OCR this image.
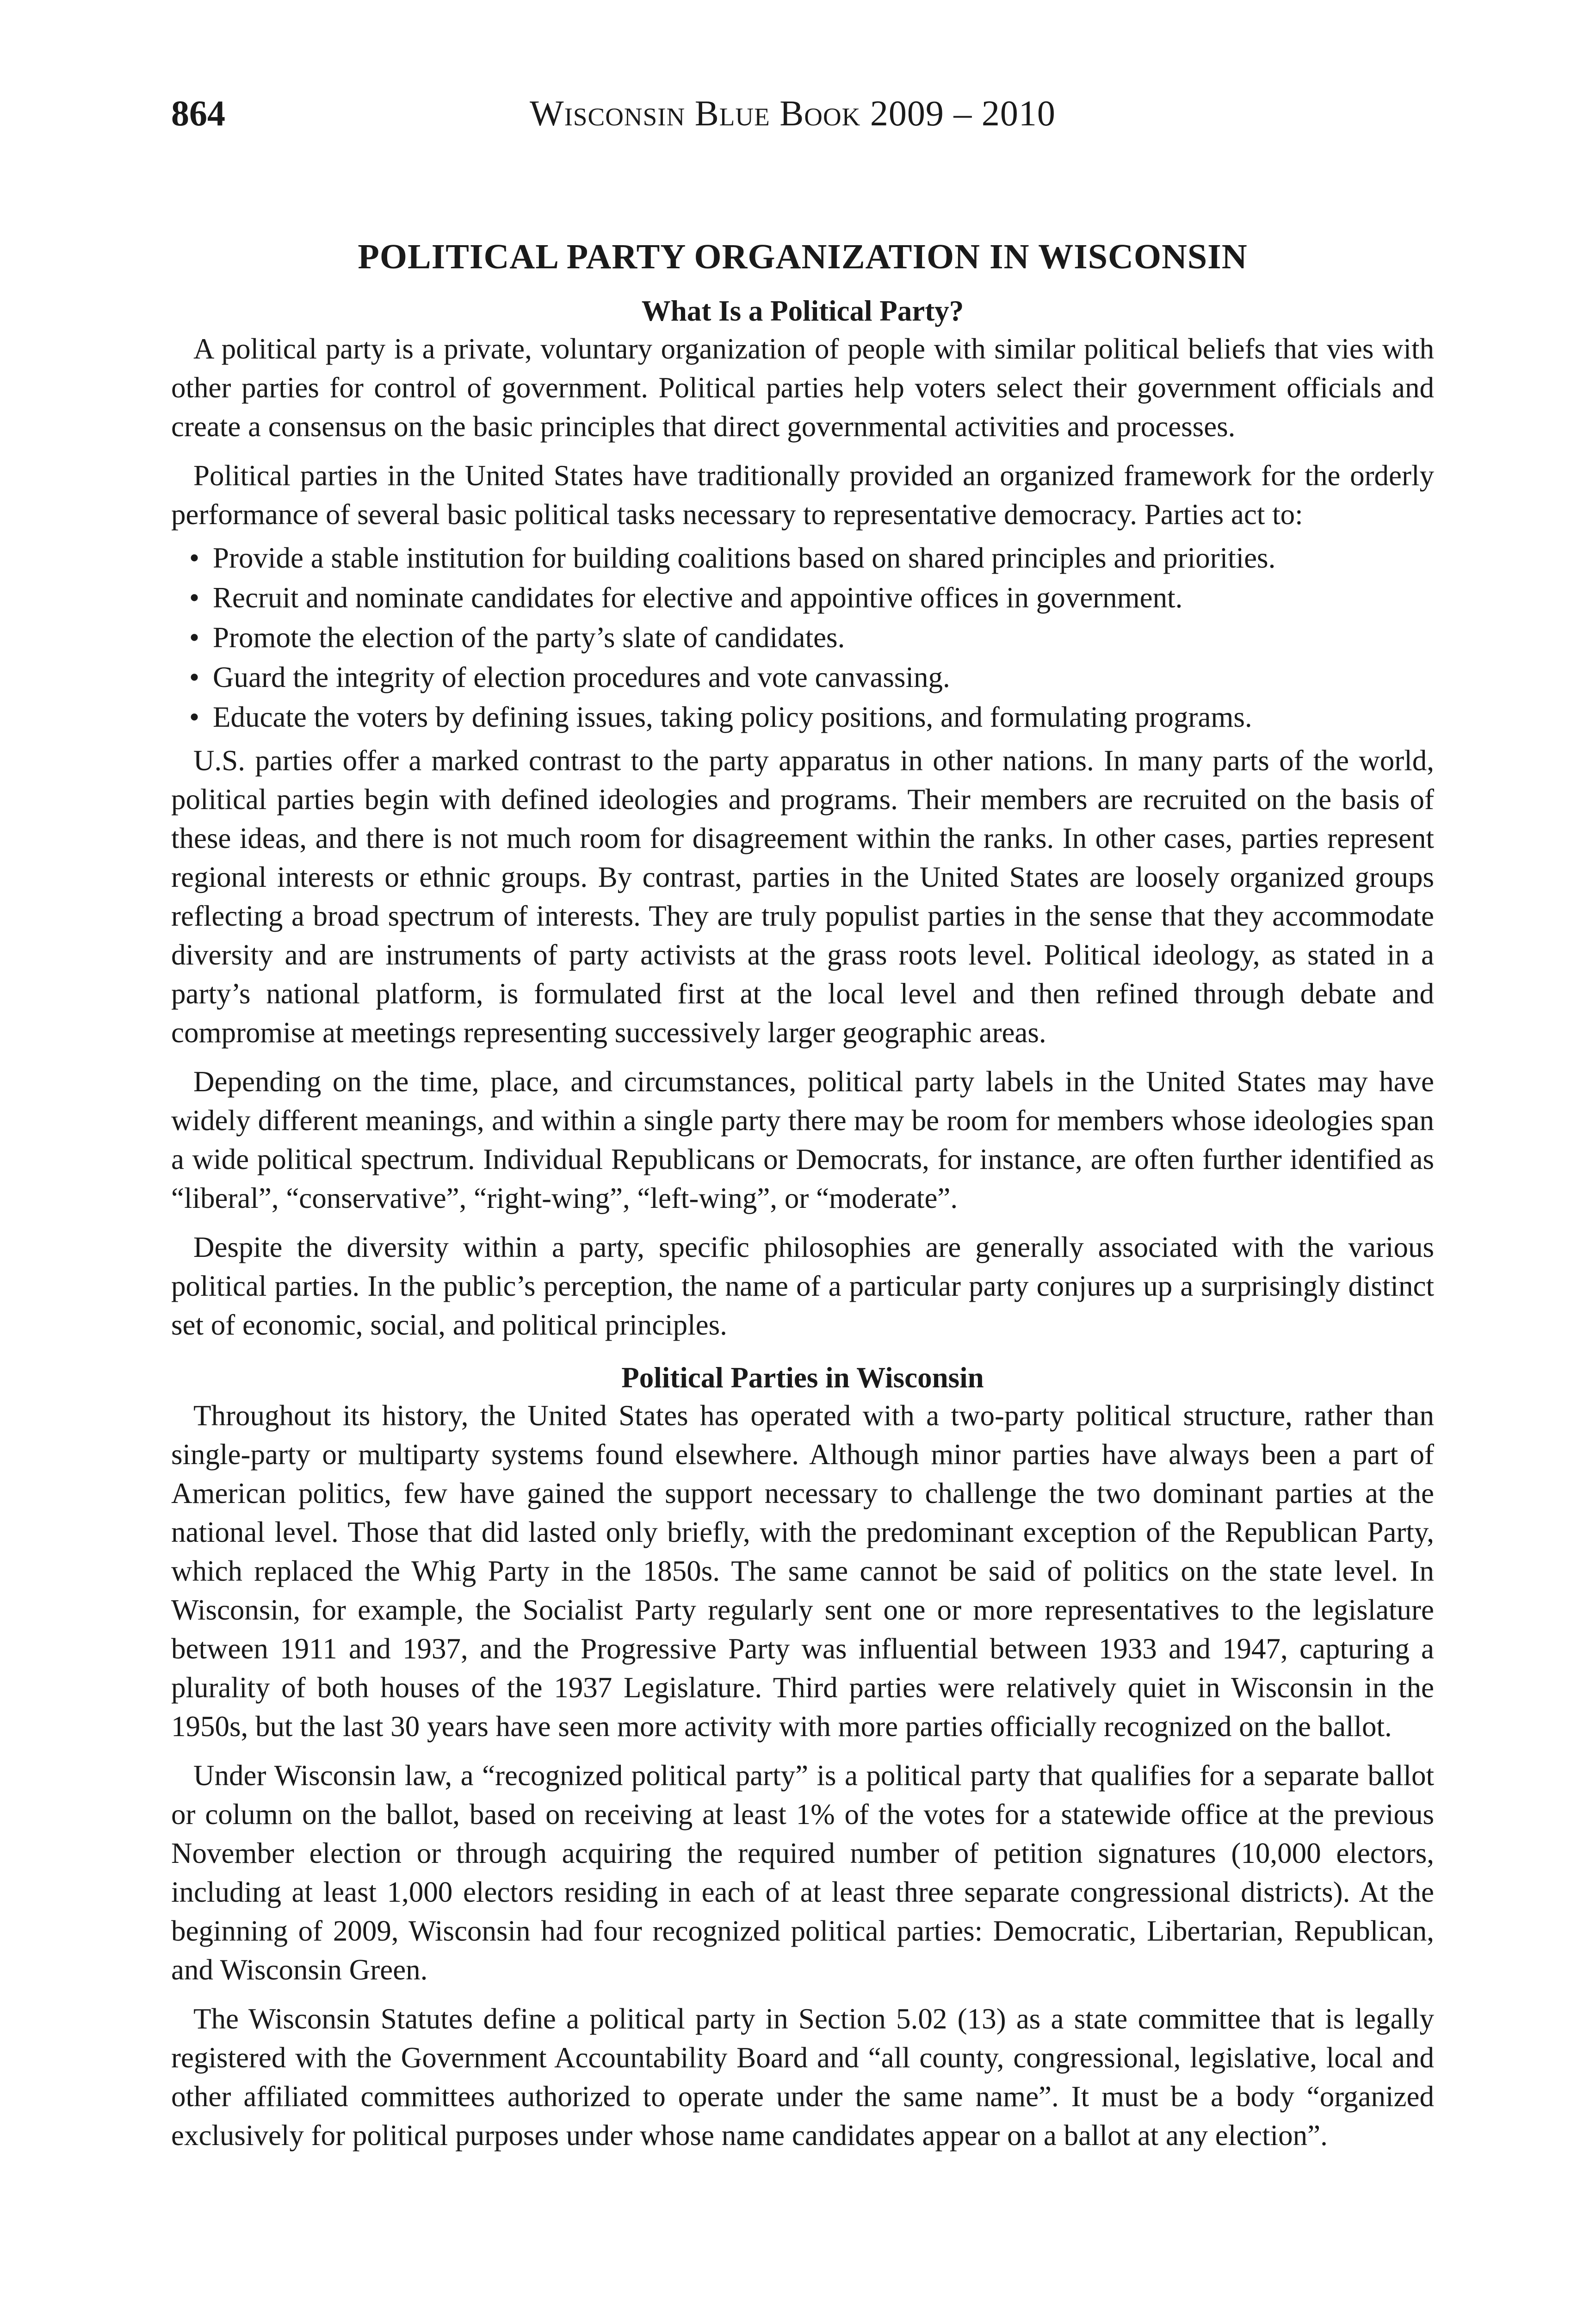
864	Wisconsin Blue Book 2009 – 2010
POLITICAL PARTY ORGANIZATION IN WISCONSIN
What Is a Political Party?

A political party is a private, voluntary organization of people with similar political beliefs that vies with other parties for control of government. Political parties help voters select their government officials and create a consensus on the basic principles that direct governmental activities and processes.

Political parties in the United States have traditionally provided an organized framework for the orderly performance of several basic political tasks necessary to representative democracy. Parties act to:

• Provide a stable institution for building coalitions based on shared principles and priorities.
• Recruit and nominate candidates for elective and appointive offices in government.
• Promote the election of the party’s slate of candidates.
• Guard the integrity of election procedures and vote canvassing.
• Educate the voters by defining issues, taking policy positions, and formulating programs.

U.S. parties offer a marked contrast to the party apparatus in other nations. In many parts of the world, political parties begin with defined ideologies and programs. Their members are recruited on the basis of these ideas, and there is not much room for disagreement within the ranks. In other cases, parties represent regional interests or ethnic groups. By contrast, parties in the United States are loosely organized groups reflecting a broad spectrum of interests. They are truly populist parties in the sense that they accommodate diversity and are instruments of party activists at the grass roots level. Political ideology, as stated in a party’s national platform, is formulated first at the local level and then refined through debate and compromise at meetings representing successively larger geographic areas.

Depending on the time, place, and circumstances, political party labels in the United States may have widely different meanings, and within a single party there may be room for members whose ideologies span a wide political spectrum. Individual Republicans or Democrats, for instance, are often further identified as “liberal”, “conservative”, “right-wing”, “left-wing”, or “moderate”.

Despite the diversity within a party, specific philosophies are generally associated with the various political parties. In the public’s perception, the name of a particular party conjures up a surprisingly distinct set of economic, social, and political principles.

Political Parties in Wisconsin

Throughout its history, the United States has operated with a two-party political structure, rather than single-party or multiparty systems found elsewhere. Although minor parties have always been a part of American politics, few have gained the support necessary to challenge the two dominant parties at the national level. Those that did lasted only briefly, with the predominant exception of the Republican Party, which replaced the Whig Party in the 1850s. The same cannot be said of politics on the state level. In Wisconsin, for example, the Socialist Party regularly sent one or more representatives to the legislature between 1911 and 1937, and the Progressive Party was influential between 1933 and 1947, capturing a plurality of both houses of the 1937 Legislature. Third parties were relatively quiet in Wisconsin in the 1950s, but the last 30 years have seen more activity with more parties officially recognized on the ballot.

Under Wisconsin law, a “recognized political party” is a political party that qualifies for a separate ballot or column on the ballot, based on receiving at least 1% of the votes for a statewide office at the previous November election or through acquiring the required number of petition signatures (10,000 electors, including at least 1,000 electors residing in each of at least three separate congressional districts). At the beginning of 2009, Wisconsin had four recognized political parties: Democratic, Libertarian, Republican, and Wisconsin Green.

The Wisconsin Statutes define a political party in Section 5.02 (13) as a state committee that is legally registered with the Government Accountability Board and “all county, congressional, legislative, local and other affiliated committees authorized to operate under the same name”. It must be a body “organized exclusively for political purposes under whose name candidates appear on a ballot at any election”.
